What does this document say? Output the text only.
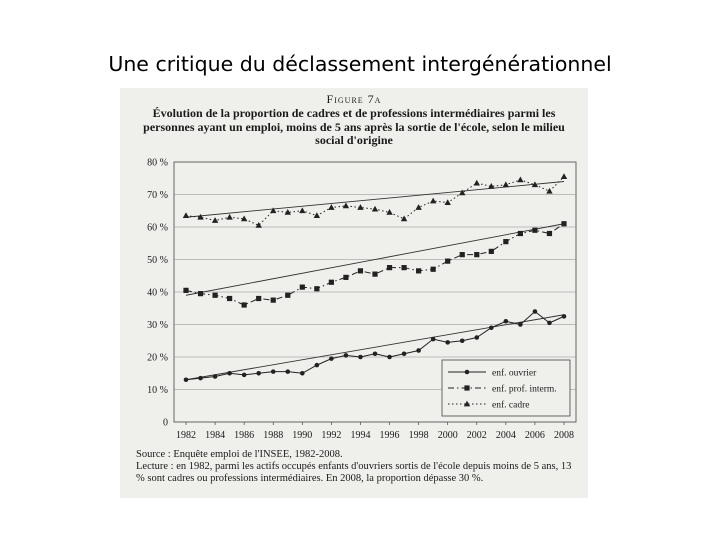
Une critique du déclassement intergénérationnel
Figure 7a
Évolution de la proportion de cadres et de professions intermédiaires parmi les personnes ayant un emploi, moins de 5 ans après la sortie de l'école, selon le milieu social d'origine
0
10 %
20 %
30 %
40 %
50 %
60 %
70 %
80 %
1982 1984 1986 1988 1990 1992 1994 1996 1998 2000 2002 2004 2006 2008
enf. ouvrier
enf. prof. interm.
enf. cadre
Source : Enquête emploi de l'INSEE, 1982-2008.
Lecture : en 1982, parmi les actifs occupés enfants d'ouvriers sortis de l'école depuis moins de 5 ans, 13 % sont cadres ou professions intermédiaires. En 2008, la proportion dépasse 30 %.
